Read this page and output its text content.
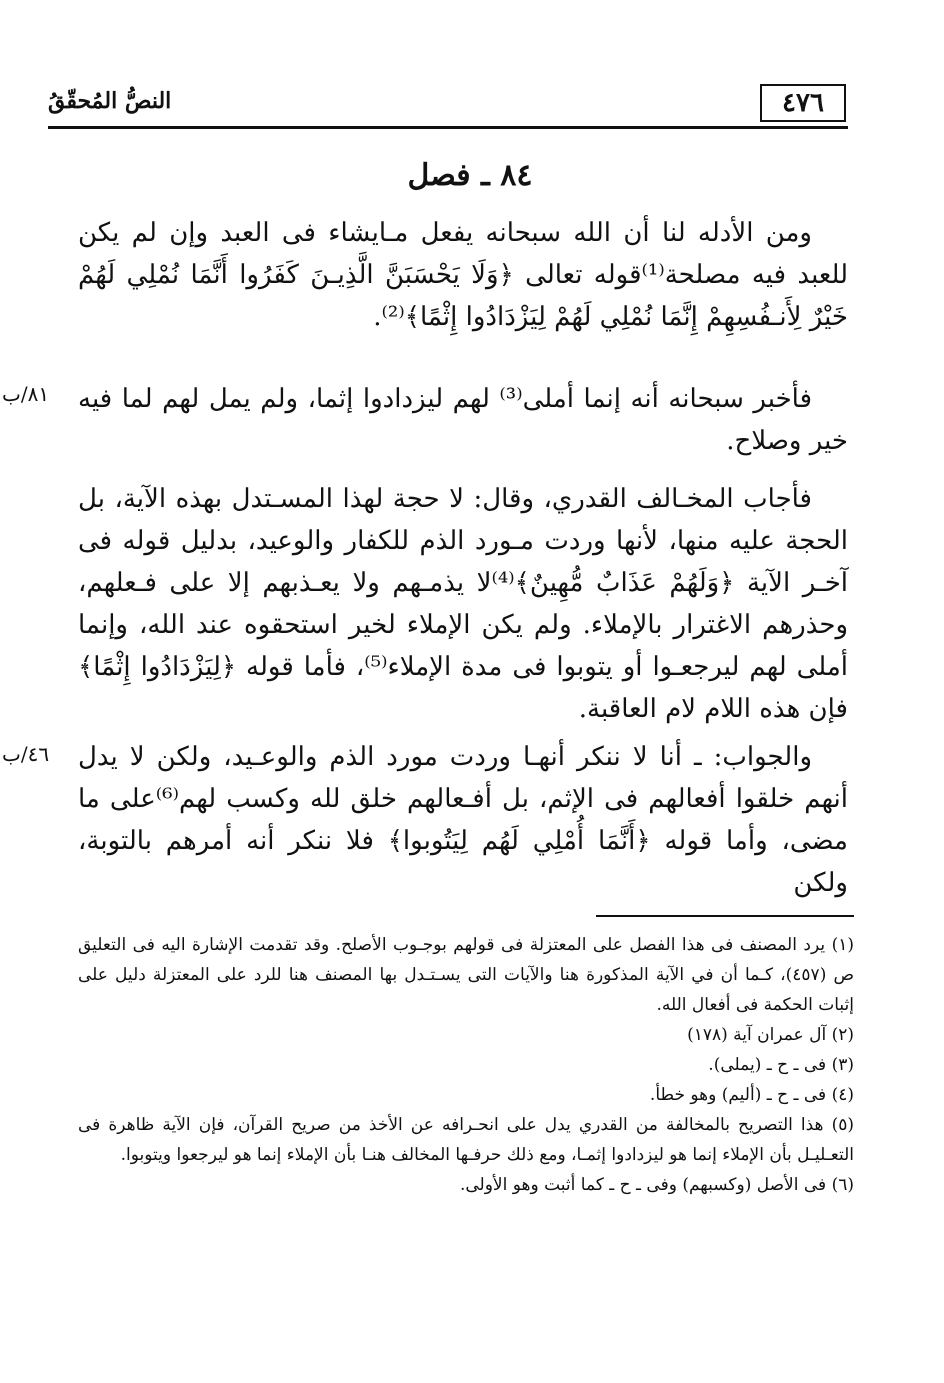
٤٧٦
النصُّ المُحقّقُ
٨٤ ـ فصل

ومن الأدله لنا أن الله سبحانه يفعل مـايشاء فى العبد وإن لم يكن للعبد فيه مصلحة⁽¹⁾قوله تعالى ﴿وَلَا يَحْسَبَنَّ الَّذِيـنَ كَفَرُوا أَنَّمَا نُمْلِي لَهُمْ خَيْرٌ لِأَنـفُسِهِمْ إِنَّمَا نُمْلِي لَهُمْ لِيَزْدَادُوا إِثْمًا﴾⁽²⁾.

٨١/ب فأخبر سبحانه أنه إنما أملى⁽³⁾ لهم ليزدادوا إثما، ولم يمل لهم لما فيه خير وصلاح.

فأجاب المخـالف القدري، وقال: لا حجة لهذا المسـتدل بهذه الآية، بل الحجة عليه منها، لأنها وردت مـورد الذم للكفار والوعيد، بدليل قوله فى آخـر الآية ﴿وَلَهُمْ عَذَابٌ مُّهِينٌ﴾⁽⁴⁾لا يذمـهم ولا يعـذبهم إلا على فـعلهم، وحذرهم الاغترار بالإملاء. ولم يكن الإملاء لخير استحقوه عند الله، وإنما أملى لهم ليرجعـوا أو يتوبوا فى مدة الإملاء⁽⁵⁾، فأما قوله ﴿لِيَزْدَادُوا إِثْمًا﴾ فإن هذه اللام لام العاقبة.

٤٦/ب والجواب: ـ أنا لا ننكر أنهـا وردت مورد الذم والوعـيد، ولكن لا يدل أنهم خلقوا أفعالهم فى الإثم، بل أفـعالهم خلق لله وكسب لهم⁽⁶⁾على ما مضى، وأما قوله ﴿أَنَّمَا أُمْلِي لَهُم لِيَتُوبوا﴾ فلا ننكر أنه أمرهم بالتوبة، ولكن

(١) يرد المصنف فى هذا الفصل على المعتزلة فى قولهم بوجـوب الأصلح. وقد تقدمت الإشارة اليه فى التعليق ص (٤٥٧)، كـما أن في الآية المذكورة هنا والآيات التى يسـتـدل بها المصنف هنا للرد على المعتزلة دليل على إثبات الحكمة فى أفعال الله.

(٢) آل عمران آية (١٧٨)

(٣) فى ـ ح ـ (يملى).

(٤) فى ـ ح ـ (أليم) وهو خطأ.

(٥) هذا التصريح بالمخالفة من القدري يدل على انحـرافه عن الأخذ من صريح القرآن، فإن الآية ظاهرة فى التعـليـل بأن الإملاء إنما هو ليزدادوا إثمـا، ومع ذلك حرفـها المخالف هنـا بأن الإملاء إنما هو ليرجعوا ويتوبوا.

(٦) فى الأصل (وكسبهم) وفى ـ ح ـ كما أثبت وهو الأولى.
